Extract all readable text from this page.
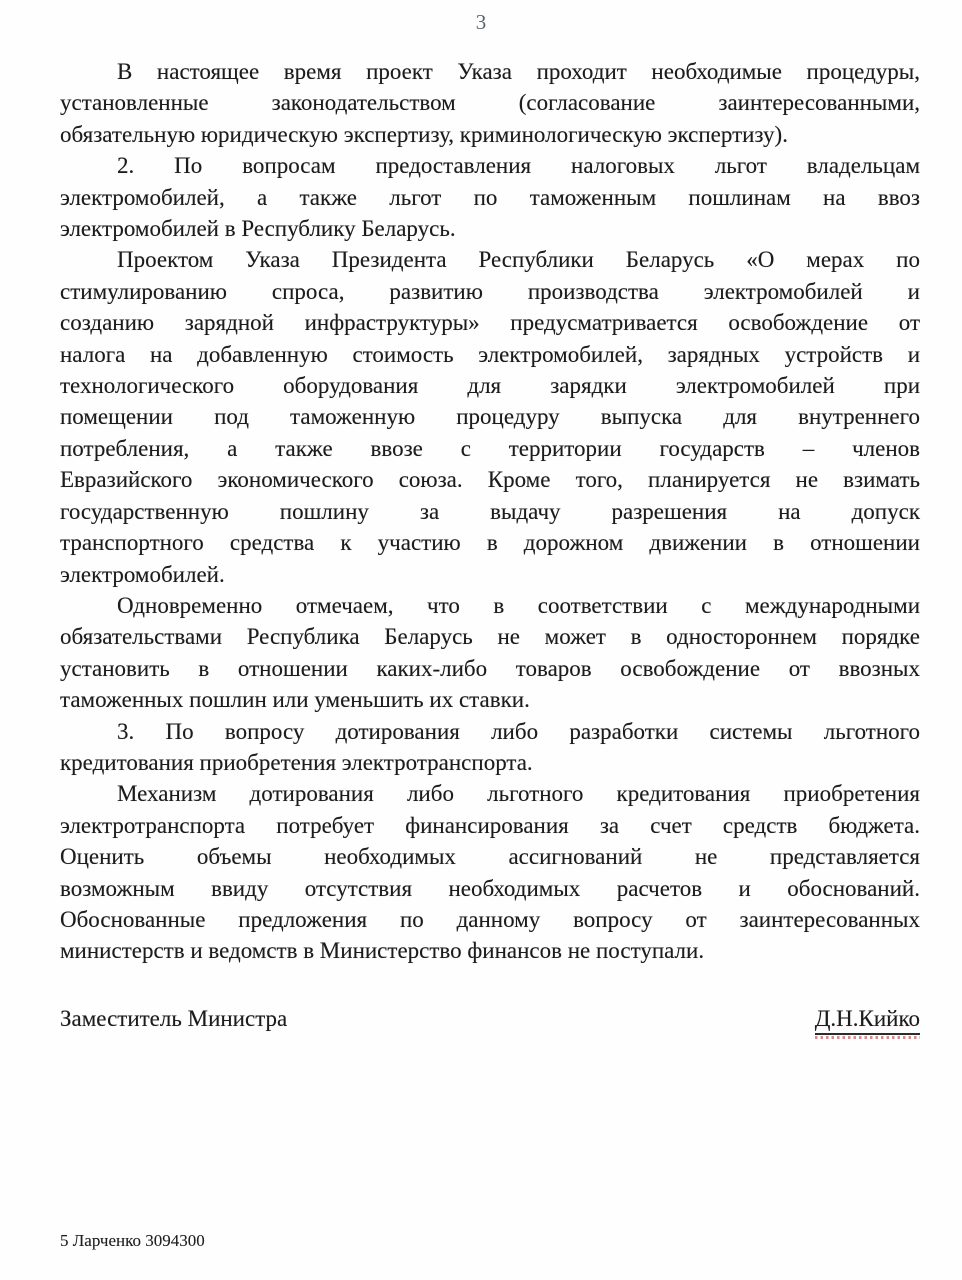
3
В настоящее время проект Указа проходит необходимые процедуры,
установленные законодательством (согласование заинтересованными,
обязательную юридическую экспертизу, криминологическую экспертизу).
2. По вопросам предоставления налоговых льгот владельцам
электромобилей, а также льгот по таможенным пошлинам на ввоз
электромобилей в Республику Беларусь.
Проектом Указа Президента Республики Беларусь «О мерах по
стимулированию спроса, развитию производства электромобилей и
созданию зарядной инфраструктуры» предусматривается освобождение от
налога на добавленную стоимость электромобилей, зарядных устройств и
технологического оборудования для зарядки электромобилей при
помещении под таможенную процедуру выпуска для внутреннего
потребления, а также ввозе с территории государств – членов
Евразийского экономического союза. Кроме того, планируется не взимать
государственную пошлину за выдачу разрешения на допуск
транспортного средства к участию в дорожном движении в отношении
электромобилей.
Одновременно отмечаем, что в соответствии с международными
обязательствами Республика Беларусь не может в одностороннем порядке
установить в отношении каких-либо товаров освобождение от ввозных
таможенных пошлин или уменьшить их ставки.
3. По вопросу дотирования либо разработки системы льготного
кредитования приобретения электротранспорта.
Механизм дотирования либо льготного кредитования приобретения
электротранспорта потребует финансирования за счет средств бюджета.
Оценить объемы необходимых ассигнований не представляется
возможным ввиду отсутствия необходимых расчетов и обоснований.
Обоснованные предложения по данному вопросу от заинтересованных
министерств и ведомств в Министерство финансов не поступали.
Заместитель Министра	Д.Н.Кийко
5 Ларченко 3094300
